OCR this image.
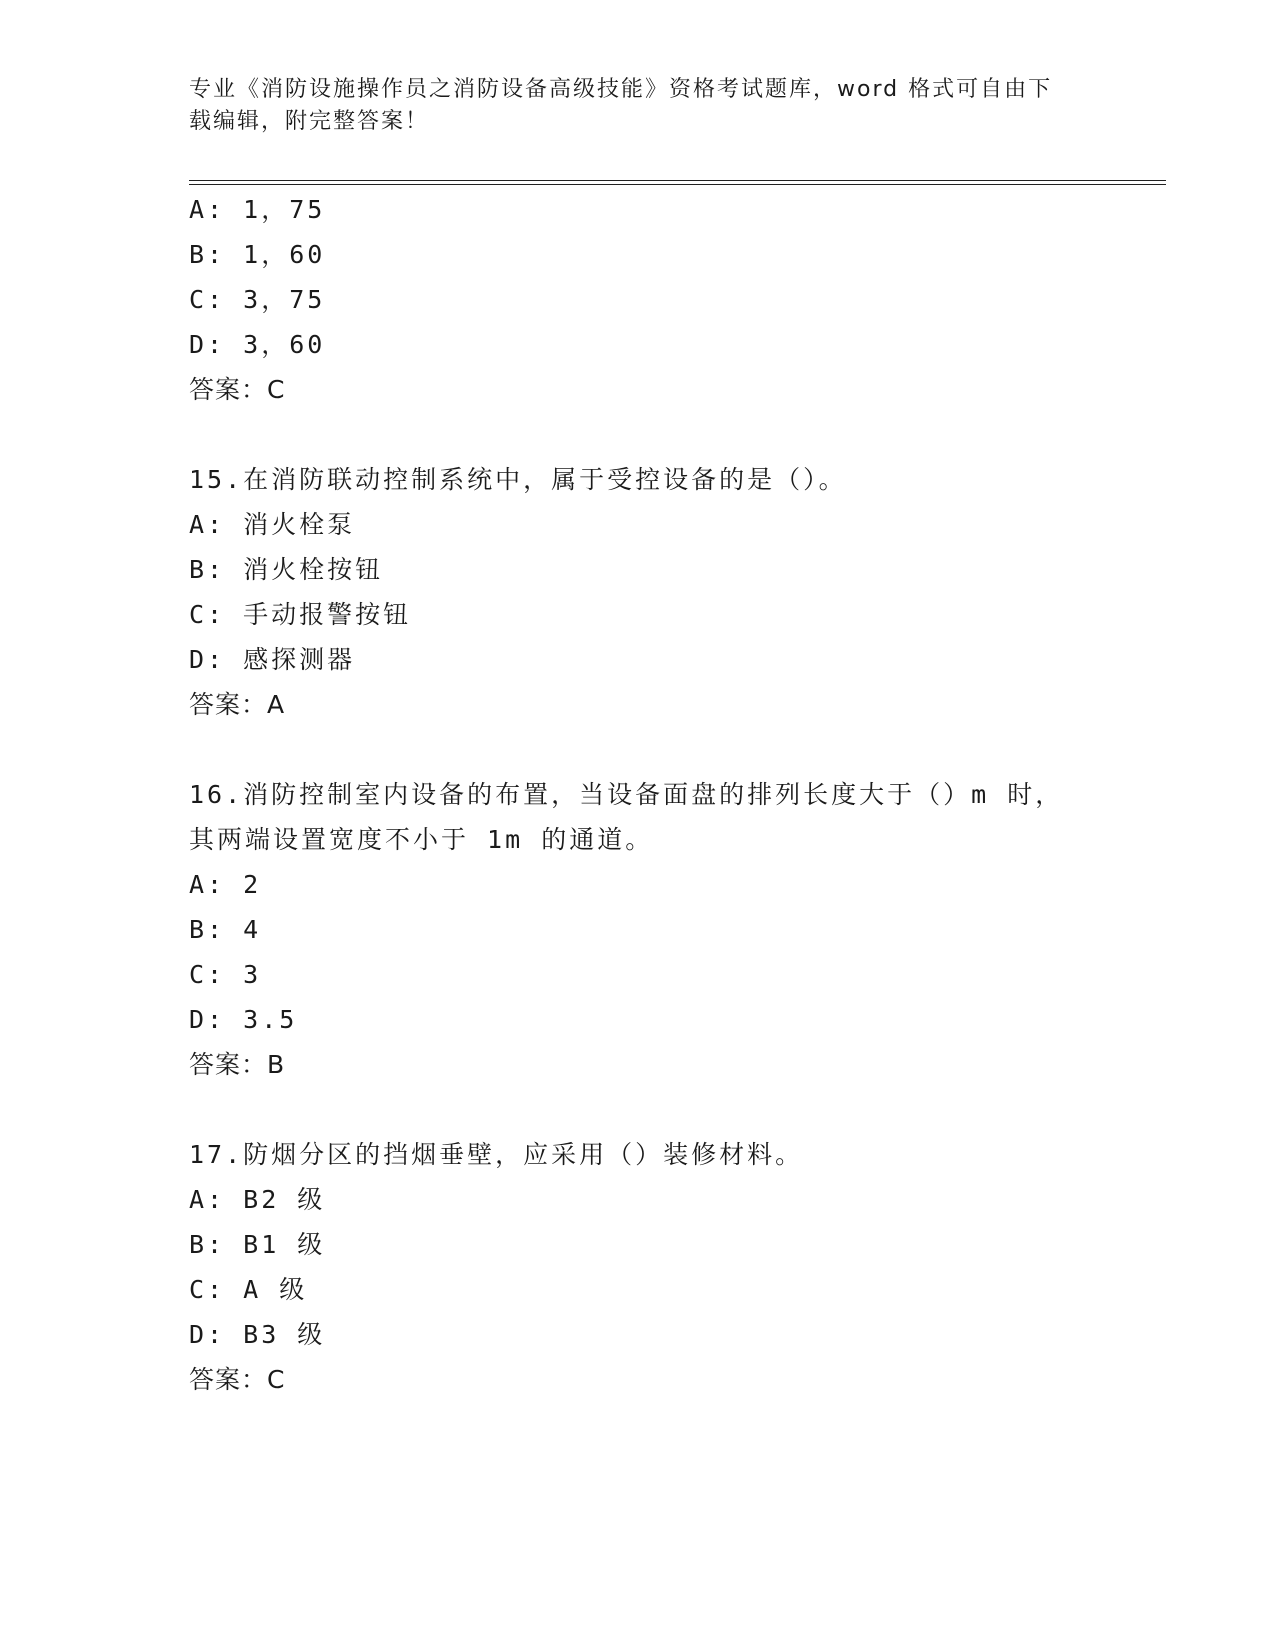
专业《消防设施操作员之消防设备高级技能》资格考试题库，word 格式可自由下
载编辑，附完整答案！
A: 1，75
B: 1，60
C: 3，75
D: 3，60
答案：C
15.在消防联动控制系统中，属于受控设备的是（）。
A: 消火栓泵
B: 消火栓按钮
C: 手动报警按钮
D: 感探测器
答案：A
16.消防控制室内设备的布置，当设备面盘的排列长度大于（）m 时，
其两端设置宽度不小于 1m 的通道。
A: 2
B: 4
C: 3
D: 3.5
答案：B
17.防烟分区的挡烟垂壁，应采用（）装修材料。
A: B2 级
B: B1 级
C: A 级
D: B3 级
答案：C
